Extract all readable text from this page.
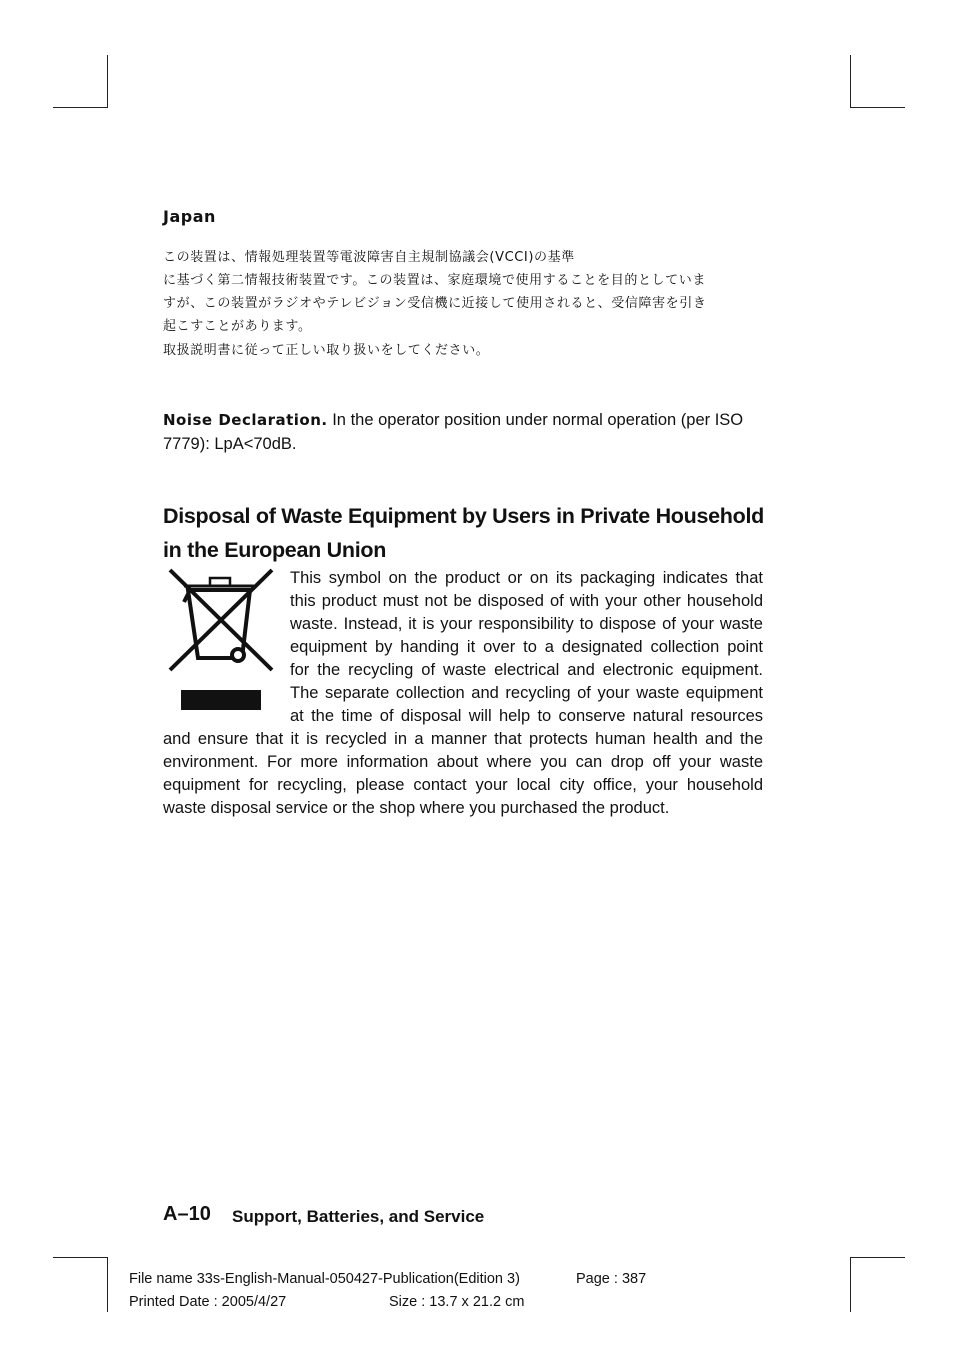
Japan
この装置は、情報処理装置等電波障害自主規制協議会(VCCI)の基準
に基づく第二情報技術装置です。この装置は、家庭環境で使用することを目的としていま
すが、この装置がラジオやテレビジョン受信機に近接して使用されると、受信障害を引き
起こすことがあります。
取扱説明書に従って正しい取り扱いをしてください。
Noise Declaration. In the operator position under normal operation (per ISO 7779): LpA<70dB.
Disposal of Waste Equipment by Users in Private Household in the European Union
This symbol on the product or on its packaging indicates that
this product must not be disposed of with your other household
waste. Instead, it is your responsibility to dispose of your waste
equipment by handing it over to a designated collection point
for the recycling of waste electrical and electronic equipment.
The separate collection and recycling of your waste equipment
at the time of disposal will help to conserve natural resources
and ensure that it is recycled in a manner that protects human health and the
environment. For more information about where you can drop off your waste
equipment for recycling, please contact your local city office, your household
waste disposal service or the shop where you purchased the product.
A–10 Support, Batteries, and Service
File name 33s-English-Manual-050427-Publication(Edition 3)	Page : 387
Printed Date : 2005/4/27	Size : 13.7 x 21.2 cm
